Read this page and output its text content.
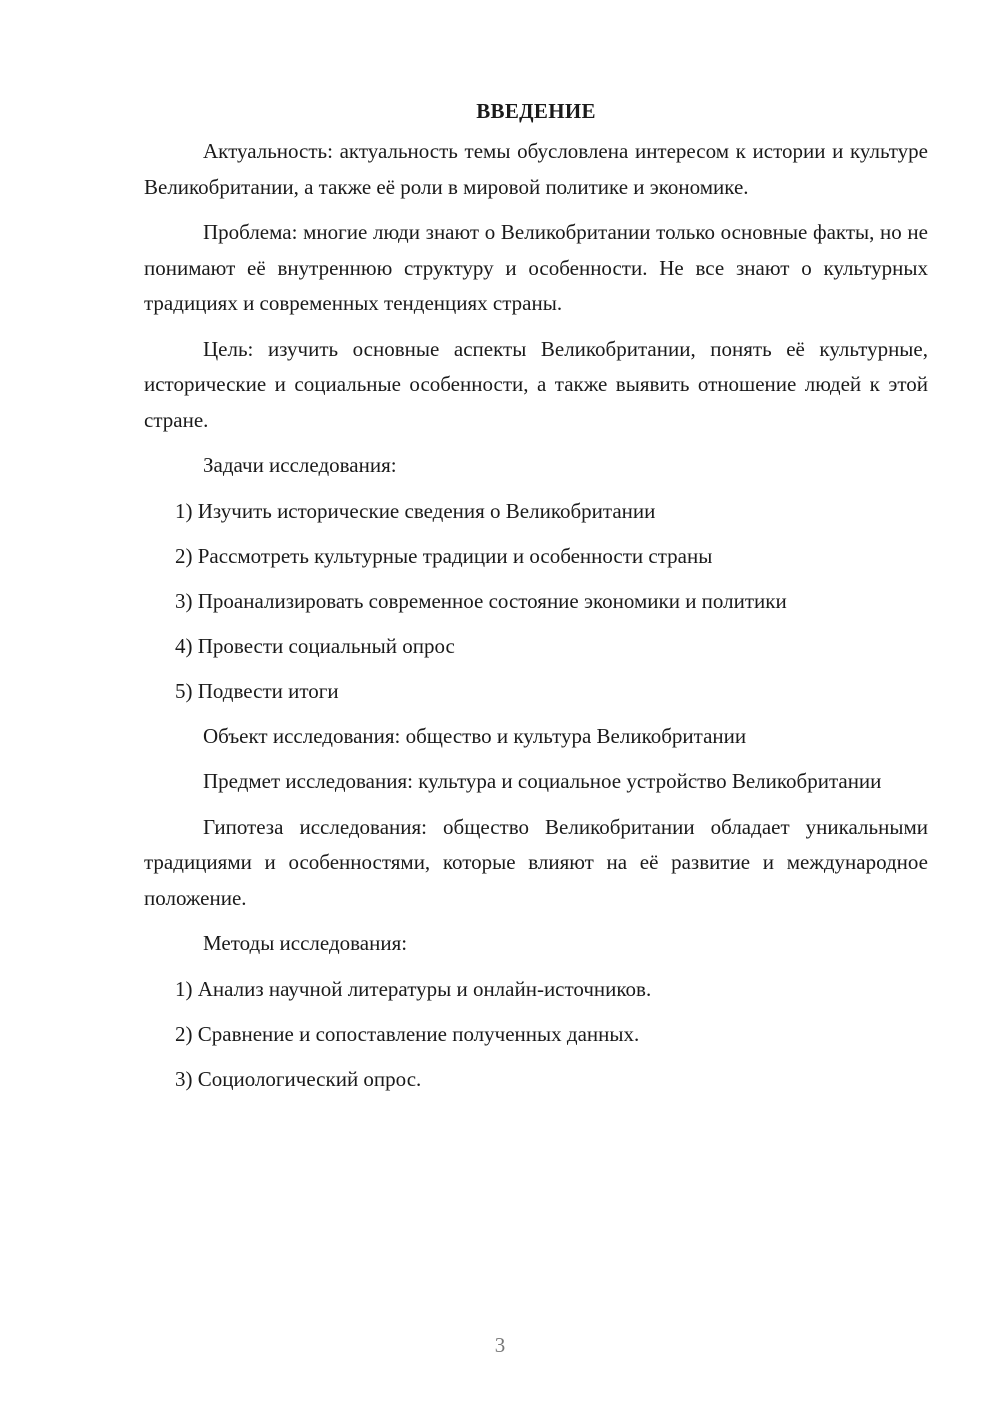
ВВЕДЕНИЕ

Актуальность: актуальность темы обусловлена интересом к истории и культуре Великобритании, а также её роли в мировой политике и экономике.

Проблема: многие люди знают о Великобритании только основные факты, но не понимают её внутреннюю структуру и особенности. Не все знают о культурных традициях и современных тенденциях страны.

Цель: изучить основные аспекты Великобритании, понять её культурные, исторические и социальные особенности, а также выявить отношение людей к этой стране.

Задачи исследования:

1) Изучить исторические сведения о Великобритании
2) Рассмотреть культурные традиции и особенности страны
3) Проанализировать современное состояние экономики и политики
4) Провести социальный опрос
5) Подвести итоги

Объект исследования: общество и культура Великобритании

Предмет исследования: культура и социальное устройство Великобритании

Гипотеза исследования: общество Великобритании обладает уникальными традициями и особенностями, которые влияют на её развитие и международное положение.

Методы исследования:

1) Анализ научной литературы и онлайн-источников.
2) Сравнение и сопоставление полученных данных.
3) Социологический опрос.
3
